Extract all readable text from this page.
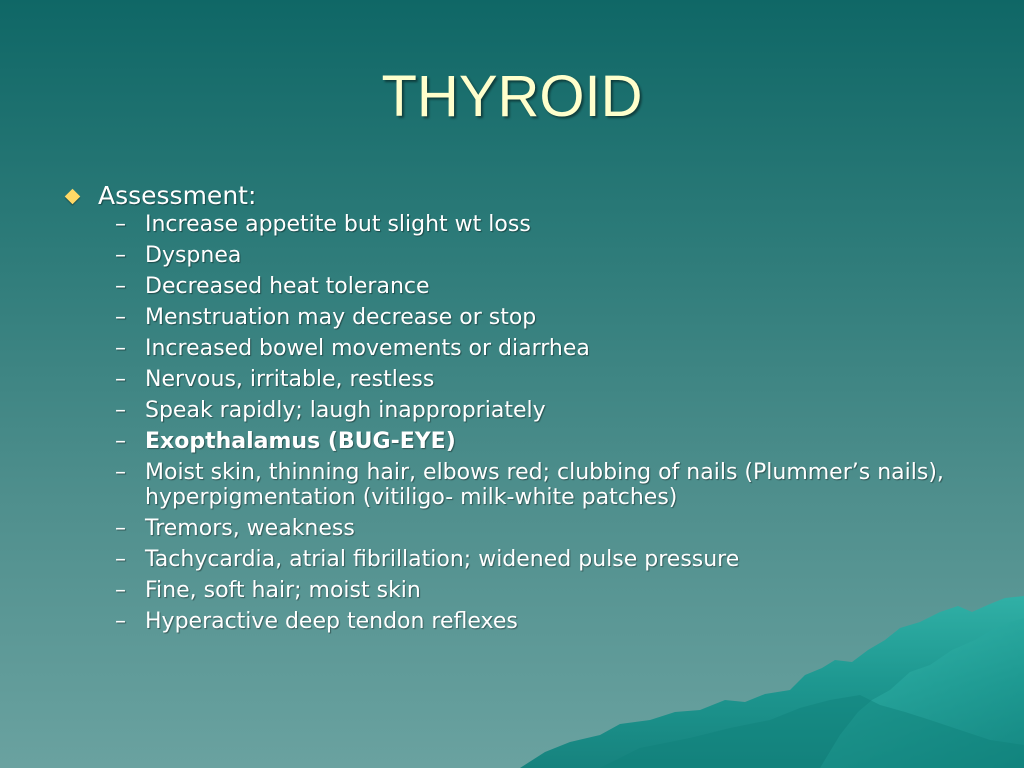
THYROID
Assessment:
– Increase appetite but slight wt loss
– Dyspnea
– Decreased heat tolerance
– Menstruation may decrease or stop
– Increased bowel movements or diarrhea
– Nervous, irritable, restless
– Speak rapidly; laugh inappropriately
– Exopthalamus (BUG-EYE)
– Moist skin, thinning hair, elbows red; clubbing of nails (Plummer’s nails), hyperpigmentation (vitiligo- milk-white patches)
– Tremors, weakness
– Tachycardia, atrial fibrillation; widened pulse pressure
– Fine, soft hair; moist skin
– Hyperactive deep tendon reflexes
